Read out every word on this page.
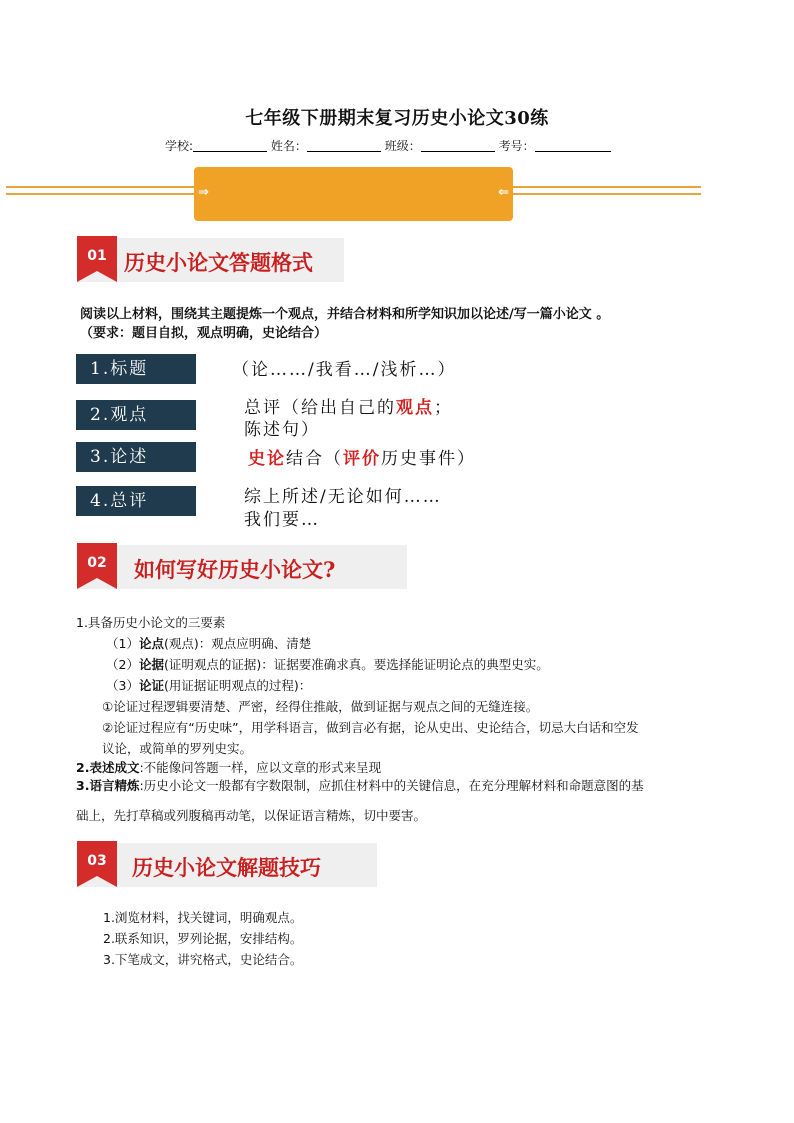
七年级下册期末复习历史小论文30练
学校:	姓名：	班级：	考号：
⇒	⇐
01 历史小论文答题格式
阅读以上材料，围绕其主题提炼一个观点，并结合材料和所学知识加以论述/写一篇小论文 。
（要求：题目自拟，观点明确，史论结合）
1.标题	（论……/我看…/浅析…）
2.观点	总评（给出自己的观点；
陈述句）
3.论述	史论结合（评价历史事件）
4.总评	综上所述/无论如何……
我们要…
02	如何写好历史小论文?
1.具备历史小论文的三要素
（1）论点(观点)：观点应明确、清楚
（2）论据(证明观点的证据)：证据要准确求真。要选择能证明论点的典型史实。
（3）论证(用证据证明观点的过程)：
①论证过程逻辑要清楚、严密，经得住推敲，做到证据与观点之间的无缝连接。
②论证过程应有“历史味”，用学科语言，做到言必有据，论从史出、史论结合，切忌大白话和空发
议论，或简单的罗列史实。
2.表述成文:不能像问答题一样，应以文章的形式来呈现
3.语言精炼:历史小论文一般都有字数限制，应抓住材料中的关键信息，在充分理解材料和命题意图的基
础上，先打草稿或列腹稿再动笔，以保证语言精炼，切中要害。
03	历史小论文解题技巧
1.浏览材料，找关键词，明确观点。
2.联系知识，罗列论据，安排结构。
3.下笔成文，讲究格式，史论结合。
